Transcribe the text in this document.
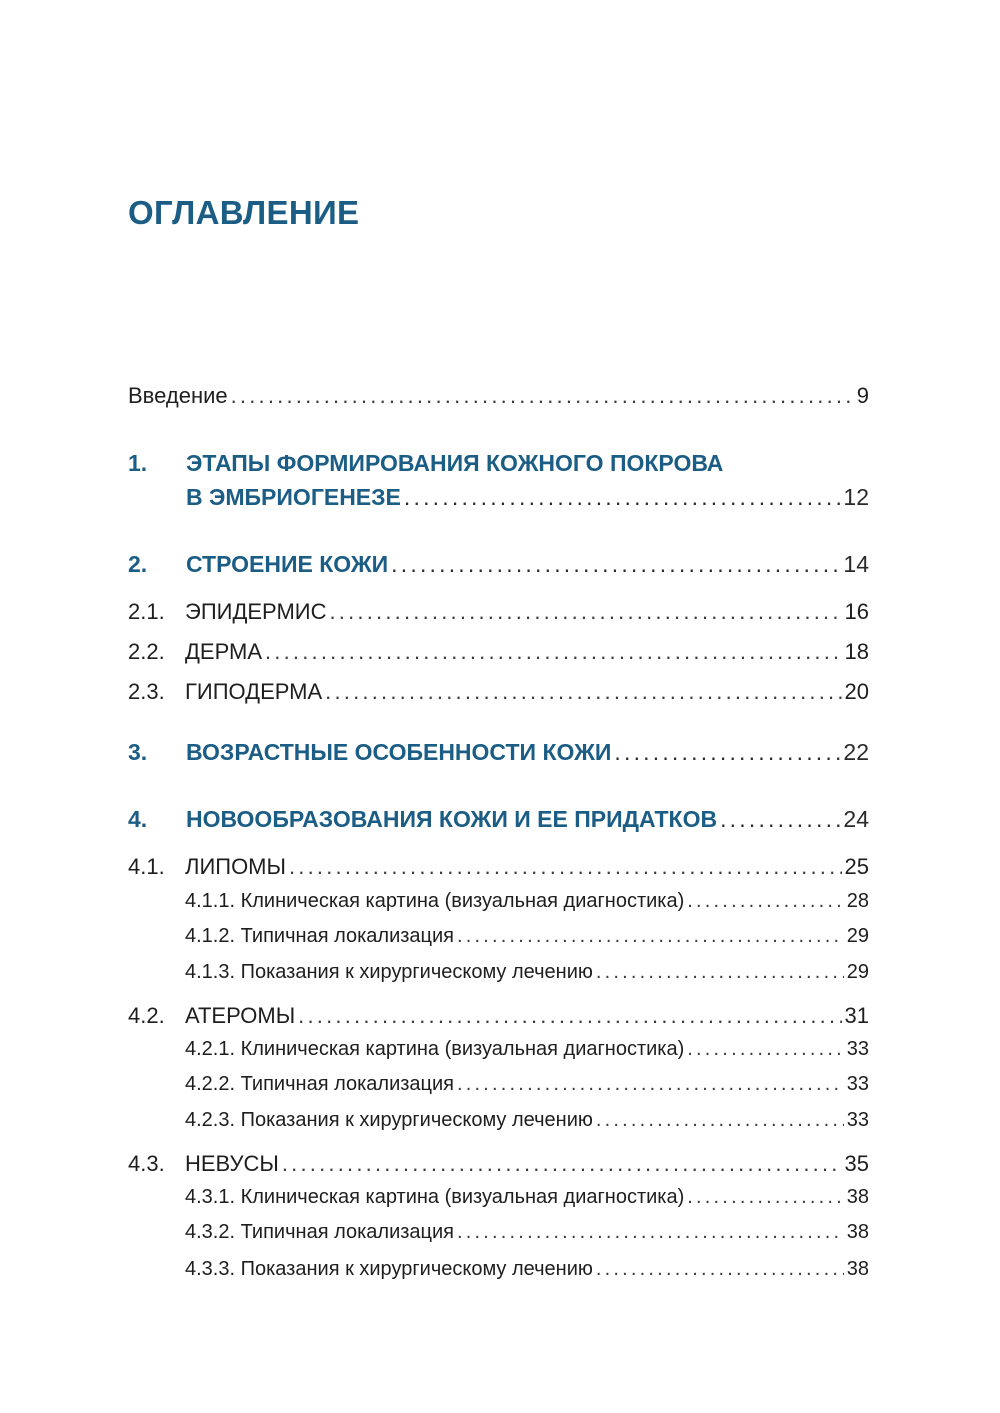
ОГЛАВЛЕНИЕ
Введение .....	9
1. ЭТАПЫ ФОРМИРОВАНИЯ КОЖНОГО ПОКРОВА
В ЭМБРИОГЕНЕЗЕ .....	12
2. СТРОЕНИЕ КОЖИ .....	14
2.1. ЭПИДЕРМИС .....	16
2.2. ДЕРМА .....	18
2.3. ГИПОДЕРМА .....	20
3. ВОЗРАСТНЫЕ ОСОБЕННОСТИ КОЖИ .....	22
4. НОВООБРАЗОВАНИЯ КОЖИ И ЕЕ ПРИДАТКОВ .....	24
4.1. ЛИПОМЫ .....	25
4.1.1. Клиническая картина (визуальная диагностика) .....	28
4.1.2. Типичная локализация .....	29
4.1.3. Показания к хирургическому лечению .....	29
4.2. АТЕРОМЫ .....	31
4.2.1. Клиническая картина (визуальная диагностика) .....	33
4.2.2. Типичная локализация .....	33
4.2.3. Показания к хирургическому лечению .....	33
4.3. НЕВУСЫ .....	35
4.3.1. Клиническая картина (визуальная диагностика) .....	38
4.3.2. Типичная локализация .....	38
4.3.3. Показания к хирургическому лечению .....	38
